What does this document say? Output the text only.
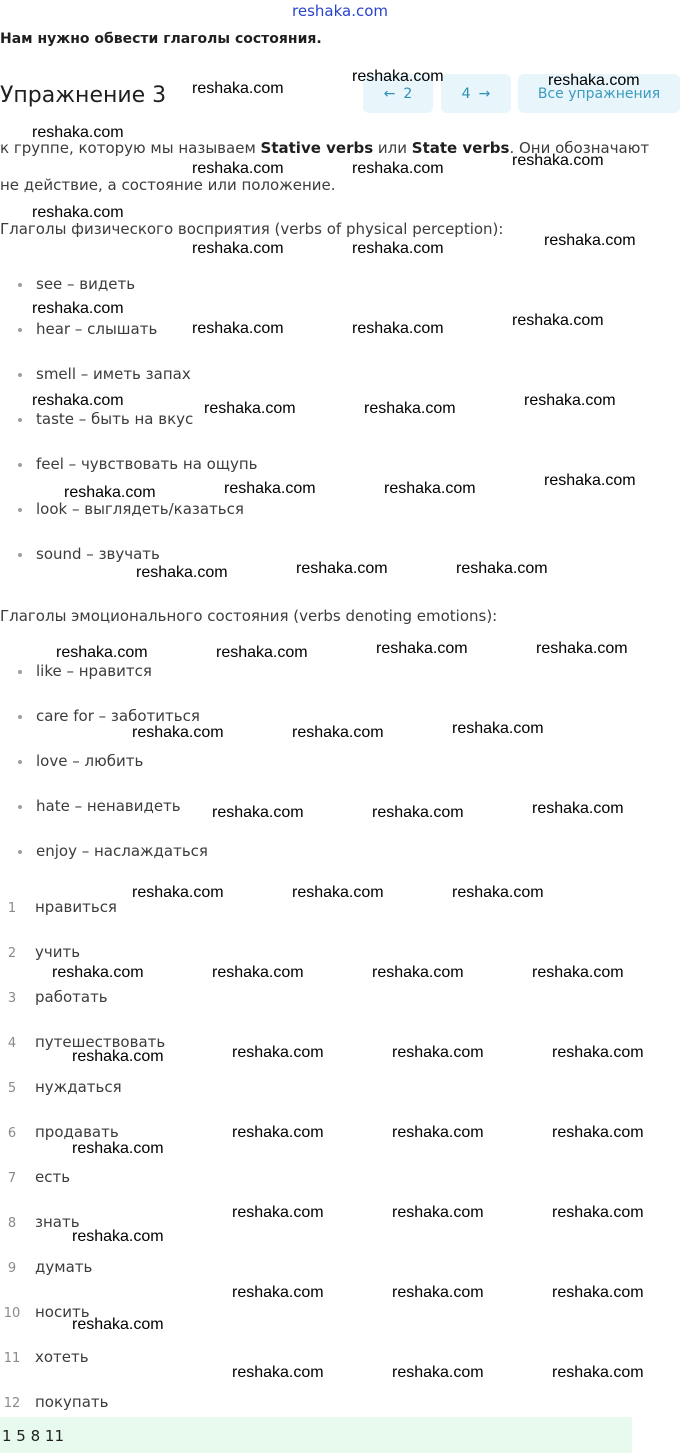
reshaka.com
Нам нужно обвести глаголы состояния.
Упражнение 3	← 2	4 →	Все упражнения
к группе, которую мы называем Stative verbs или State verbs. Они обозначают
не действие, а состояние или положение.
Глаголы физического восприятия (verbs of physical perception):
see – видеть
hear – слышать
smell – иметь запах
taste – быть на вкус
feel – чувствовать на ощупь
look – выглядеть/казаться
sound – звучать
Глаголы эмоционального состояния (verbs denoting emotions):
like – нравится
care for – заботиться
love – любить
hate – ненавидеть
enjoy – наслаждаться
1 нравиться
2 учить
3 работать
4 путешествовать
5 нуждаться
6 продавать
7 есть
8 знать
9 думать
10 носить
11 хотеть
12 покупать
1 5 8 11
reshaka.com
reshaka.com	reshaka.com
reshaka.com
reshaka.com	reshaka.com	reshaka.com
reshaka.com
reshaka.com	reshaka.com	reshaka.com
reshaka.com
reshaka.com	reshaka.com	reshaka.com
reshaka.com	reshaka.com	reshaka.com	reshaka.com
reshaka.com	reshaka.com	reshaka.com	reshaka.com
reshaka.com	reshaka.com	reshaka.com
reshaka.com	reshaka.com	reshaka.com	reshaka.com
reshaka.com	reshaka.com	reshaka.com
reshaka.com	reshaka.com	reshaka.com
reshaka.com	reshaka.com	reshaka.com
reshaka.com	reshaka.com	reshaka.com	reshaka.com
reshaka.com	reshaka.com	reshaka.com	reshaka.com
reshaka.com
reshaka.com	reshaka.com	reshaka.com
reshaka.com
reshaka.com	reshaka.com	reshaka.com
reshaka.com	reshaka.com	reshaka.com
reshaka.com
reshaka.com	reshaka.com	reshaka.com
